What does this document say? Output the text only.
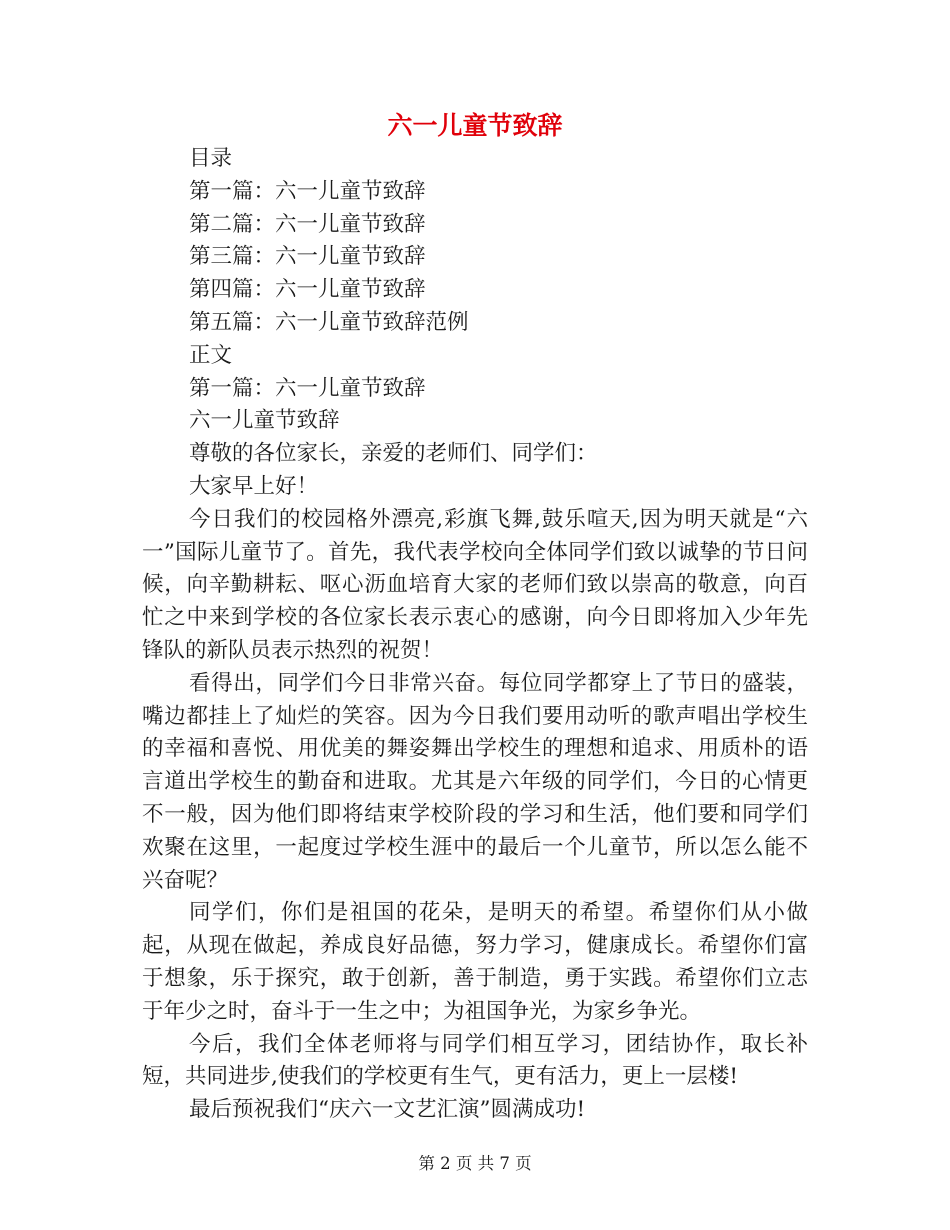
六一儿童节致辞

目录

第一篇：六一儿童节致辞

第二篇：六一儿童节致辞

第三篇：六一儿童节致辞

第四篇：六一儿童节致辞

第五篇：六一儿童节致辞范例

正文

第一篇：六一儿童节致辞

六一儿童节致辞

尊敬的各位家长，亲爱的老师们、同学们：

大家早上好！

今日我们的校园格外漂亮,彩旗飞舞,鼓乐喧天,因为明天就是“六一”国际儿童节了。首先，我代表学校向全体同学们致以诚挚的节日问候，向辛勤耕耘、呕心沥血培育大家的老师们致以崇高的敬意，向百忙之中来到学校的各位家长表示衷心的感谢，向今日即将加入少年先锋队的新队员表示热烈的祝贺！

看得出，同学们今日非常兴奋。每位同学都穿上了节日的盛装，嘴边都挂上了灿烂的笑容。因为今日我们要用动听的歌声唱出学校生的幸福和喜悦、用优美的舞姿舞出学校生的理想和追求、用质朴的语言道出学校生的勤奋和进取。尤其是六年级的同学们，今日的心情更不一般，因为他们即将结束学校阶段的学习和生活，他们要和同学们欢聚在这里，一起度过学校生涯中的最后一个儿童节，所以怎么能不兴奋呢？

同学们，你们是祖国的花朵，是明天的希望。希望你们从小做起，从现在做起，养成良好品德，努力学习，健康成长。希望你们富于想象，乐于探究，敢于创新，善于制造，勇于实践。希望你们立志于年少之时，奋斗于一生之中；为祖国争光，为家乡争光。

今后，我们全体老师将与同学们相互学习，团结协作，取长补短，共同进步,使我们的学校更有生气，更有活力，更上一层楼!

最后预祝我们“庆六一文艺汇演”圆满成功!

第 2 页 共 7 页
